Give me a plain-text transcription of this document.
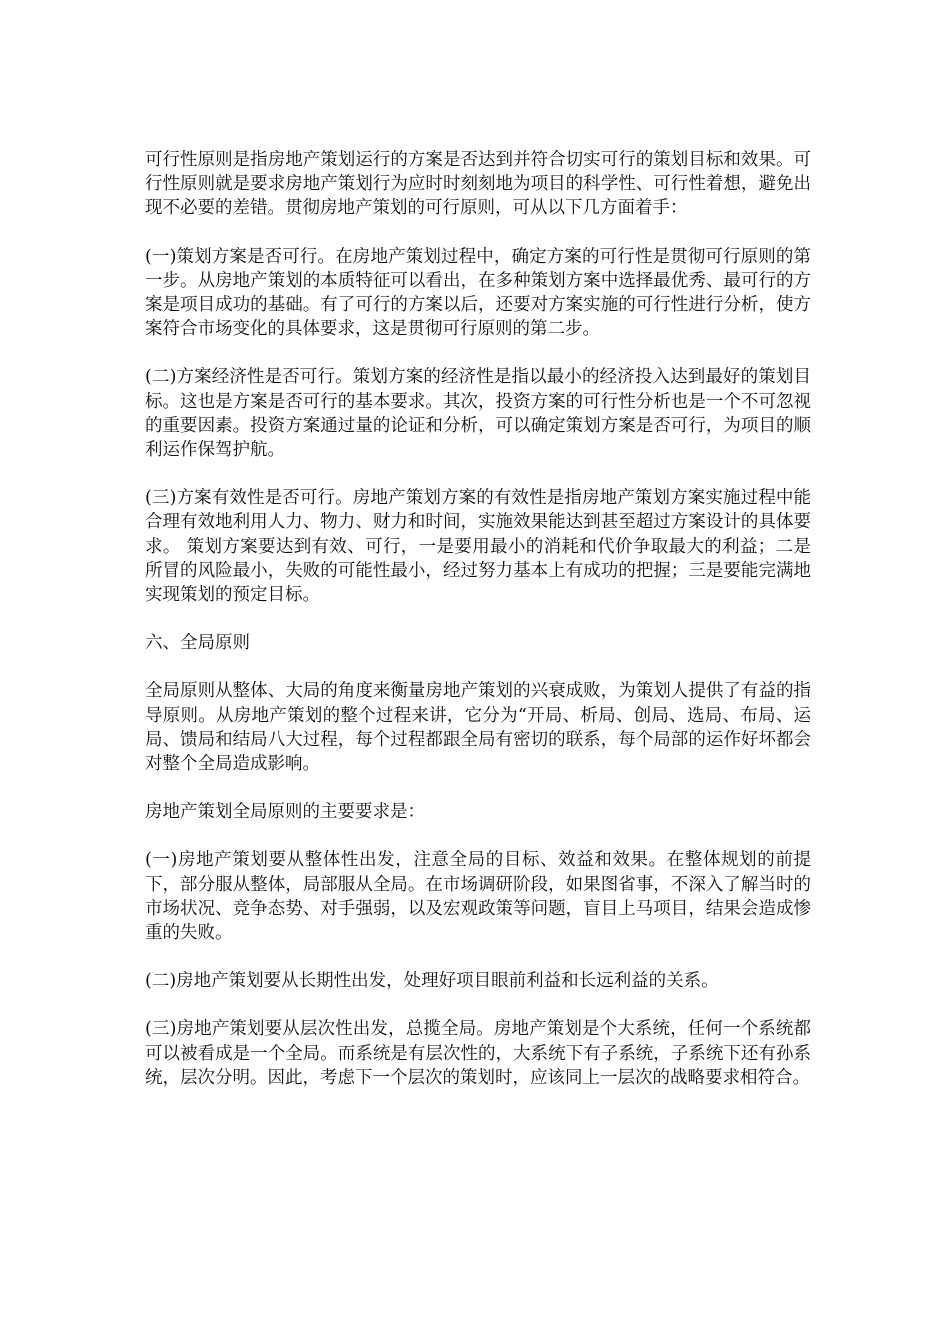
可行性原则是指房地产策划运行的方案是否达到并符合切实可行的策划目标和效果。可行性原则就是要求房地产策划行为应时时刻刻地为项目的科学性、可行性着想，避免出现不必要的差错。贯彻房地产策划的可行原则，可从以下几方面着手：

(一)策划方案是否可行。在房地产策划过程中，确定方案的可行性是贯彻可行原则的第一步。从房地产策划的本质特征可以看出，在多种策划方案中选择最优秀、最可行的方案是项目成功的基础。有了可行的方案以后，还要对方案实施的可行性进行分析，使方案符合市场变化的具体要求，这是贯彻可行原则的第二步。

(二)方案经济性是否可行。策划方案的经济性是指以最小的经济投入达到最好的策划目标。这也是方案是否可行的基本要求。其次，投资方案的可行性分析也是一个不可忽视的重要因素。投资方案通过量的论证和分析，可以确定策划方案是否可行，为项目的顺利运作保驾护航。

(三)方案有效性是否可行。房地产策划方案的有效性是指房地产策划方案实施过程中能合理有效地利用人力、物力、财力和时间，实施效果能达到甚至超过方案设计的具体要求。 策划方案要达到有效、可行，一是要用最小的消耗和代价争取最大的利益；二是所冒的风险最小，失败的可能性最小，经过努力基本上有成功的把握；三是要能完满地实现策划的预定目标。

六、全局原则

全局原则从整体、大局的角度来衡量房地产策划的兴衰成败，为策划人提供了有益的指导原则。从房地产策划的整个过程来讲，它分为“开局、析局、创局、选局、布局、运局、馈局和结局八大过程，每个过程都跟全局有密切的联系，每个局部的运作好坏都会对整个全局造成影响。

房地产策划全局原则的主要要求是：

(一)房地产策划要从整体性出发，注意全局的目标、效益和效果。在整体规划的前提下，部分服从整体，局部服从全局。在市场调研阶段，如果图省事，不深入了解当时的市场状况、竞争态势、对手强弱，以及宏观政策等问题，盲目上马项目，结果会造成惨重的失败。

(二)房地产策划要从长期性出发，处理好项目眼前利益和长远利益的关系。

(三)房地产策划要从层次性出发，总揽全局。房地产策划是个大系统，任何一个系统都可以被看成是一个全局。而系统是有层次性的，大系统下有子系统，子系统下还有孙系统，层次分明。因此，考虑下一个层次的策划时，应该同上一层次的战略要求相符合。
